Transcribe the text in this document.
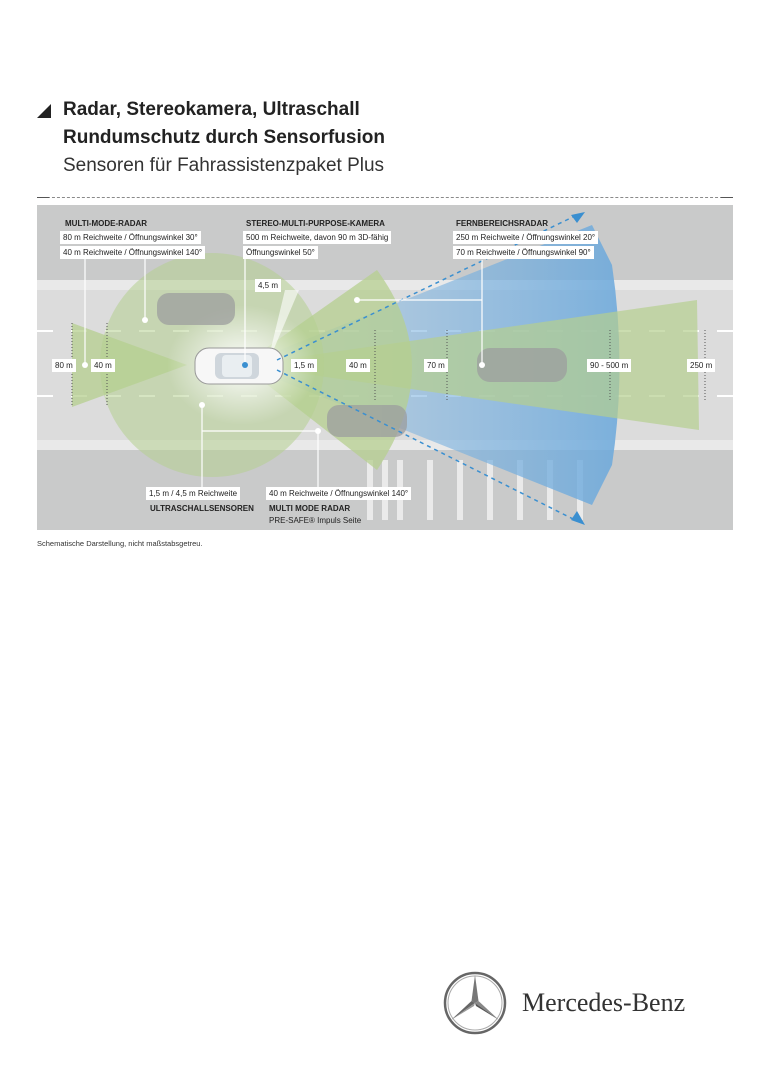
Radar, Stereokamera, Ultraschall
Rundumschutz durch Sensorfusion
Sensoren für Fahrassistenzpaket Plus
MULTI-MODE-RADAR
80 m Reichweite / Öffnungswinkel 30°
40 m Reichweite / Öffnungswinkel 140°
STEREO-MULTI-PURPOSE-KAMERA
500 m Reichweite, davon 90 m 3D-fähig
Öffnungswinkel 50°
FERNBEREICHSRADAR
250 m Reichweite / Öffnungswinkel 20°
70 m Reichweite / Öffnungswinkel 90°
4,5 m
80 m	40 m	1,5 m	40 m	70 m	90 - 500 m	250 m
1,5 m / 4,5 m Reichweite
ULTRASCHALLSENSOREN
40 m Reichweite / Öffnungswinkel 140°
MULTI MODE RADAR
PRE-SAFE® Impuls Seite
Schematische Darstellung, nicht maßstabsgetreu.
Mercedes-Benz
